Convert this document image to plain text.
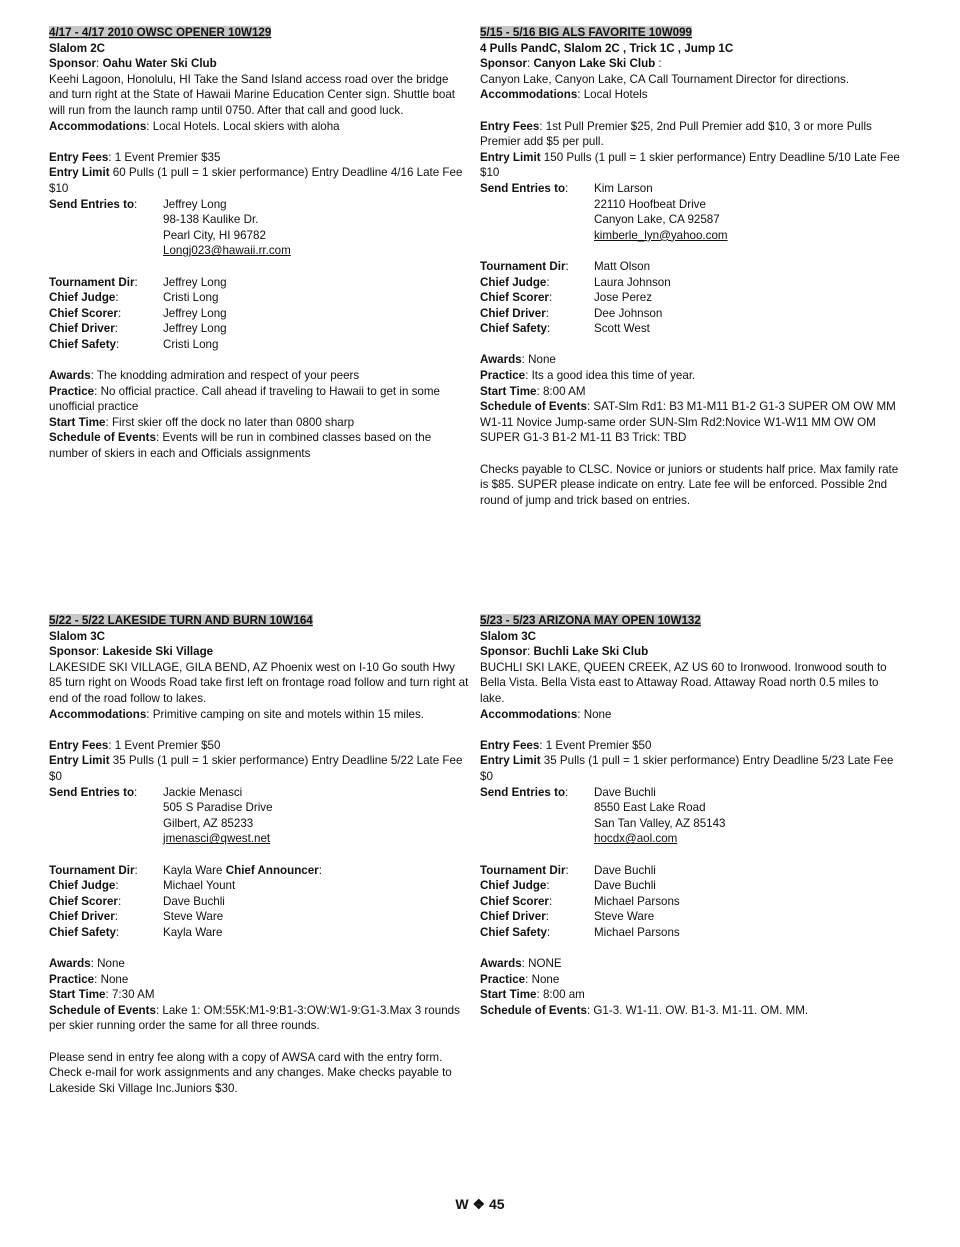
4/17 - 4/17 2010 OWSC OPENER 10W129

Slalom 2C

Sponsor: Oahu Water Ski Club

Keehi Lagoon, Honolulu, HI Take the Sand Island access road over the bridge and turn right at the State of Hawaii Marine Education Center sign. Shuttle boat will run from the launch ramp until 0750. After that call and good luck.

Accommodations: Local Hotels. Local skiers with aloha

Entry Fees: 1 Event Premier $35

Entry Limit 60 Pulls (1 pull = 1 skier performance) Entry Deadline 4/16 Late Fee $10

Send Entries to:	Jeffrey Long

98-138 Kaulike Dr.

Pearl City, HI 96782

Longj023@hawaii.rr.com

Tournament Dir:	Jeffrey Long
Chief Judge:	Cristi Long
Chief Scorer:	Jeffrey Long
Chief Driver:	Jeffrey Long
Chief Safety:	Cristi Long

Awards: The knodding admiration and respect of your peers

Practice: No official practice. Call ahead if traveling to Hawaii to get in some unofficial practice

Start Time: First skier off the dock no later than 0800 sharp

Schedule of Events: Events will be run in combined classes based on the number of skiers in each and Officials assignments

5/15 - 5/16 BIG ALS FAVORITE 10W099

4 Pulls PandC, Slalom 2C , Trick 1C , Jump 1C

Sponsor: Canyon Lake Ski Club :

Canyon Lake, Canyon Lake, CA Call Tournament Director for directions.

Accommodations: Local Hotels

Entry Fees: 1st Pull Premier $25, 2nd Pull Premier add $10, 3 or more Pulls Premier add $5 per pull.

Entry Limit 150 Pulls (1 pull = 1 skier performance) Entry Deadline 5/10 Late Fee $10

Send Entries to:	Kim Larson

22110 Hoofbeat Drive

Canyon Lake, CA 92587

kimberle_lyn@yahoo.com

Tournament Dir:	Matt Olson
Chief Judge:	Laura Johnson
Chief Scorer:	Jose Perez
Chief Driver:	Dee Johnson
Chief Safety:	Scott West

Awards: None

Practice: Its a good idea this time of year.

Start Time: 8:00 AM

Schedule of Events: SAT-Slm Rd1: B3 M1-M11 B1-2 G1-3 SUPER OM OW MM W1-11 Novice Jump-same order SUN-Slm Rd2:Novice W1-W11 MM OW OM SUPER G1-3 B1-2 M1-11 B3 Trick: TBD

Checks payable to CLSC. Novice or juniors or students half price. Max family rate is $85. SUPER please indicate on entry. Late fee will be enforced. Possible 2nd round of jump and trick based on entries.

5/22 - 5/22 LAKESIDE TURN AND BURN 10W164

Slalom 3C

Sponsor: Lakeside Ski Village

LAKESIDE SKI VILLAGE, GILA BEND, AZ Phoenix west on I-10 Go south Hwy 85 turn right on Woods Road take first left on frontage road follow and turn right at end of the road follow to lakes.

Accommodations: Primitive camping on site and motels within 15 miles.

Entry Fees: 1 Event Premier $50

Entry Limit 35 Pulls (1 pull = 1 skier performance) Entry Deadline 5/22 Late Fee $0

Send Entries to:	Jackie Menasci

505 S Paradise Drive

Gilbert, AZ 85233

jmenasci@qwest.net

Tournament Dir:	Kayla Ware Chief Announcer:
Chief Judge:	Michael Yount
Chief Scorer:	Dave Buchli
Chief Driver:	Steve Ware
Chief Safety:	Kayla Ware

Awards: None

Practice: None

Start Time: 7:30 AM

Schedule of Events: Lake 1: OM:55K:M1-9:B1-3:OW:W1-9:G1-3.Max 3 rounds per skier running order the same for all three rounds.

Please send in entry fee along with a copy of AWSA card with the entry form. Check e-mail for work assignments and any changes. Make checks payable to Lakeside Ski Village Inc.Juniors $30.

5/23 - 5/23 ARIZONA MAY OPEN 10W132

Slalom 3C

Sponsor: Buchli Lake Ski Club

BUCHLI SKI LAKE, QUEEN CREEK, AZ US 60 to Ironwood. Ironwood south to Bella Vista. Bella Vista east to Attaway Road. Attaway Road north 0.5 miles to lake.

Accommodations: None

Entry Fees: 1 Event Premier $50

Entry Limit 35 Pulls (1 pull = 1 skier performance) Entry Deadline 5/23 Late Fee $0

Send Entries to:	Dave Buchli

8550 East Lake Road

San Tan Valley, AZ 85143

hocdx@aol.com

Tournament Dir:	Dave Buchli
Chief Judge:	Dave Buchli
Chief Scorer:	Michael Parsons
Chief Driver:	Steve Ware
Chief Safety:	Michael Parsons

Awards: NONE

Practice: None

Start Time: 8:00 am

Schedule of Events: G1-3. W1-11. OW. B1-3. M1-11. OM. MM.

W ❖ 45
